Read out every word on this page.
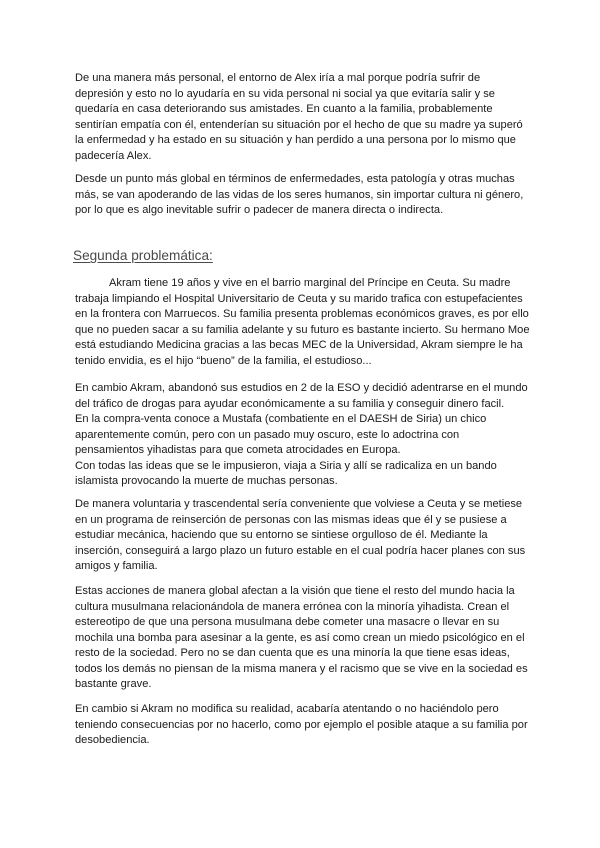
De una manera más personal, el entorno de Alex iría a mal porque podría sufrir de
depresión y esto no lo ayudaría en su vida personal ni social ya que evitaría salir y se
quedaría en casa deteriorando sus amistades. En cuanto a la familia, probablemente
sentirían empatía con él, entenderían su situación por el hecho de que su madre ya superó
la enfermedad y ha estado en su situación y han perdido a una persona por lo mismo que
padecería Alex.

Desde un punto más global en términos de enfermedades, esta patología y otras muchas
más, se van apoderando de las vidas de los seres humanos, sin importar cultura ni género,
por lo que es algo inevitable sufrir o padecer de manera directa o indirecta.

Segunda problemática:

Akram tiene 19 años y vive en el barrio marginal del Príncipe en Ceuta. Su madre
trabaja limpiando el Hospital Universitario de Ceuta y su marido trafica con estupefacientes
en la frontera con Marruecos. Su familia presenta problemas económicos graves, es por ello
que no pueden sacar a su familia adelante y su futuro es bastante incierto. Su hermano Moe
está estudiando Medicina gracias a las becas MEC de la Universidad, Akram siempre le ha
tenido envidia, es el hijo “bueno” de la familia, el estudioso...

En cambio Akram, abandonó sus estudios en 2 de la ESO y decidió adentrarse en el mundo
del tráfico de drogas para ayudar económicamente a su familia y conseguir dinero facil.
En la compra-venta conoce a Mustafa (combatiente en el DAESH de Siria) un chico
aparentemente común, pero con un pasado muy oscuro, este lo adoctrina con
pensamientos yihadistas para que cometa atrocidades en Europa.
Con todas las ideas que se le impusieron, viaja a Siria y allí se radicaliza en un bando
islamista provocando la muerte de muchas personas.

De manera voluntaria y trascendental sería conveniente que volviese a Ceuta y se metiese
en un programa de reinserción de personas con las mismas ideas que él y se pusiese a
estudiar mecánica, haciendo que su entorno se sintiese orgulloso de él. Mediante la
inserción, conseguirá a largo plazo un futuro estable en el cual podría hacer planes con sus
amigos y familia.

Estas acciones de manera global afectan a la visión que tiene el resto del mundo hacia la
cultura musulmana relacionándola de manera errónea con la minoría yihadista. Crean el
estereotipo de que una persona musulmana debe cometer una masacre o llevar en su
mochila una bomba para asesinar a la gente, es así como crean un miedo psicológico en el
resto de la sociedad. Pero no se dan cuenta que es una minoría la que tiene esas ideas,
todos los demás no piensan de la misma manera y el racismo que se vive en la sociedad es
bastante grave.

En cambio si Akram no modifica su realidad, acabaría atentando o no haciéndolo pero
teniendo consecuencias por no hacerlo, como por ejemplo el posible ataque a su familia por
desobediencia.
